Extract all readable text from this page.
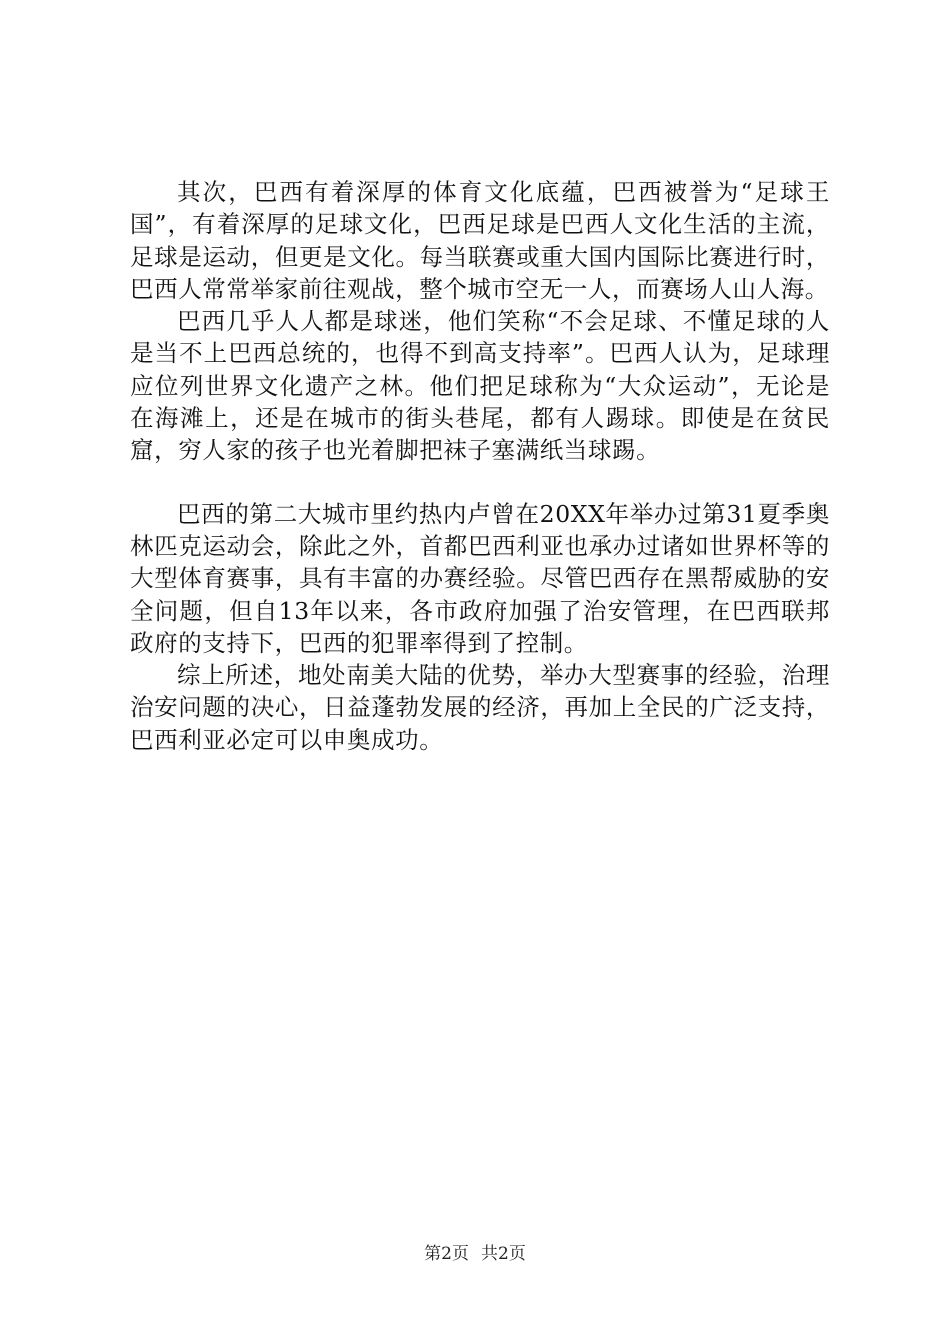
其次，巴西有着深厚的体育文化底蕴，巴西被誉为“足球王国”，有着深厚的足球文化，巴西足球是巴西人文化生活的主流，足球是运动，但更是文化。每当联赛或重大国内国际比赛进行时，巴西人常常举家前往观战，整个城市空无一人，而赛场人山人海。

巴西几乎人人都是球迷，他们笑称“不会足球、不懂足球的人是当不上巴西总统的，也得不到高支持率”。巴西人认为，足球理应位列世界文化遗产之林。他们把足球称为“大众运动”，无论是在海滩上，还是在城市的街头巷尾，都有人踢球。即使是在贫民窟，穷人家的孩子也光着脚把袜子塞满纸当球踢。

巴西的第二大城市里约热内卢曾在20XX年举办过第31夏季奥林匹克运动会，除此之外，首都巴西利亚也承办过诸如世界杯等的大型体育赛事，具有丰富的办赛经验。尽管巴西存在黑帮威胁的安全问题，但自13年以来，各市政府加强了治安管理，在巴西联邦政府的支持下，巴西的犯罪率得到了控制。

综上所述，地处南美大陆的优势，举办大型赛事的经验，治理治安问题的决心，日益蓬勃发展的经济，再加上全民的广泛支持，巴西利亚必定可以申奥成功。

第2页 共2页
